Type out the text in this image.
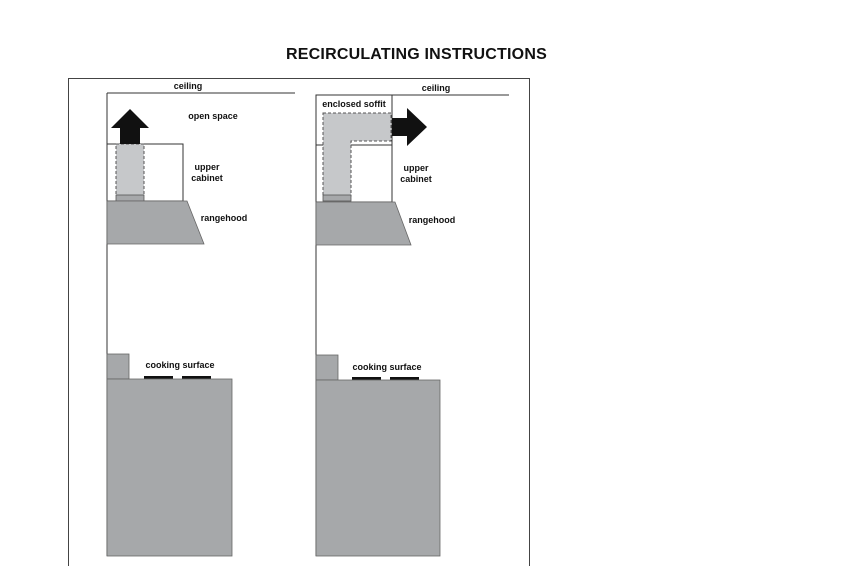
RECIRCULATING INSTRUCTIONS
ceiling
open space
upper
cabinet
rangehood
cooking surface
ceiling
enclosed soffit
upper
cabinet
rangehood
cooking surface
